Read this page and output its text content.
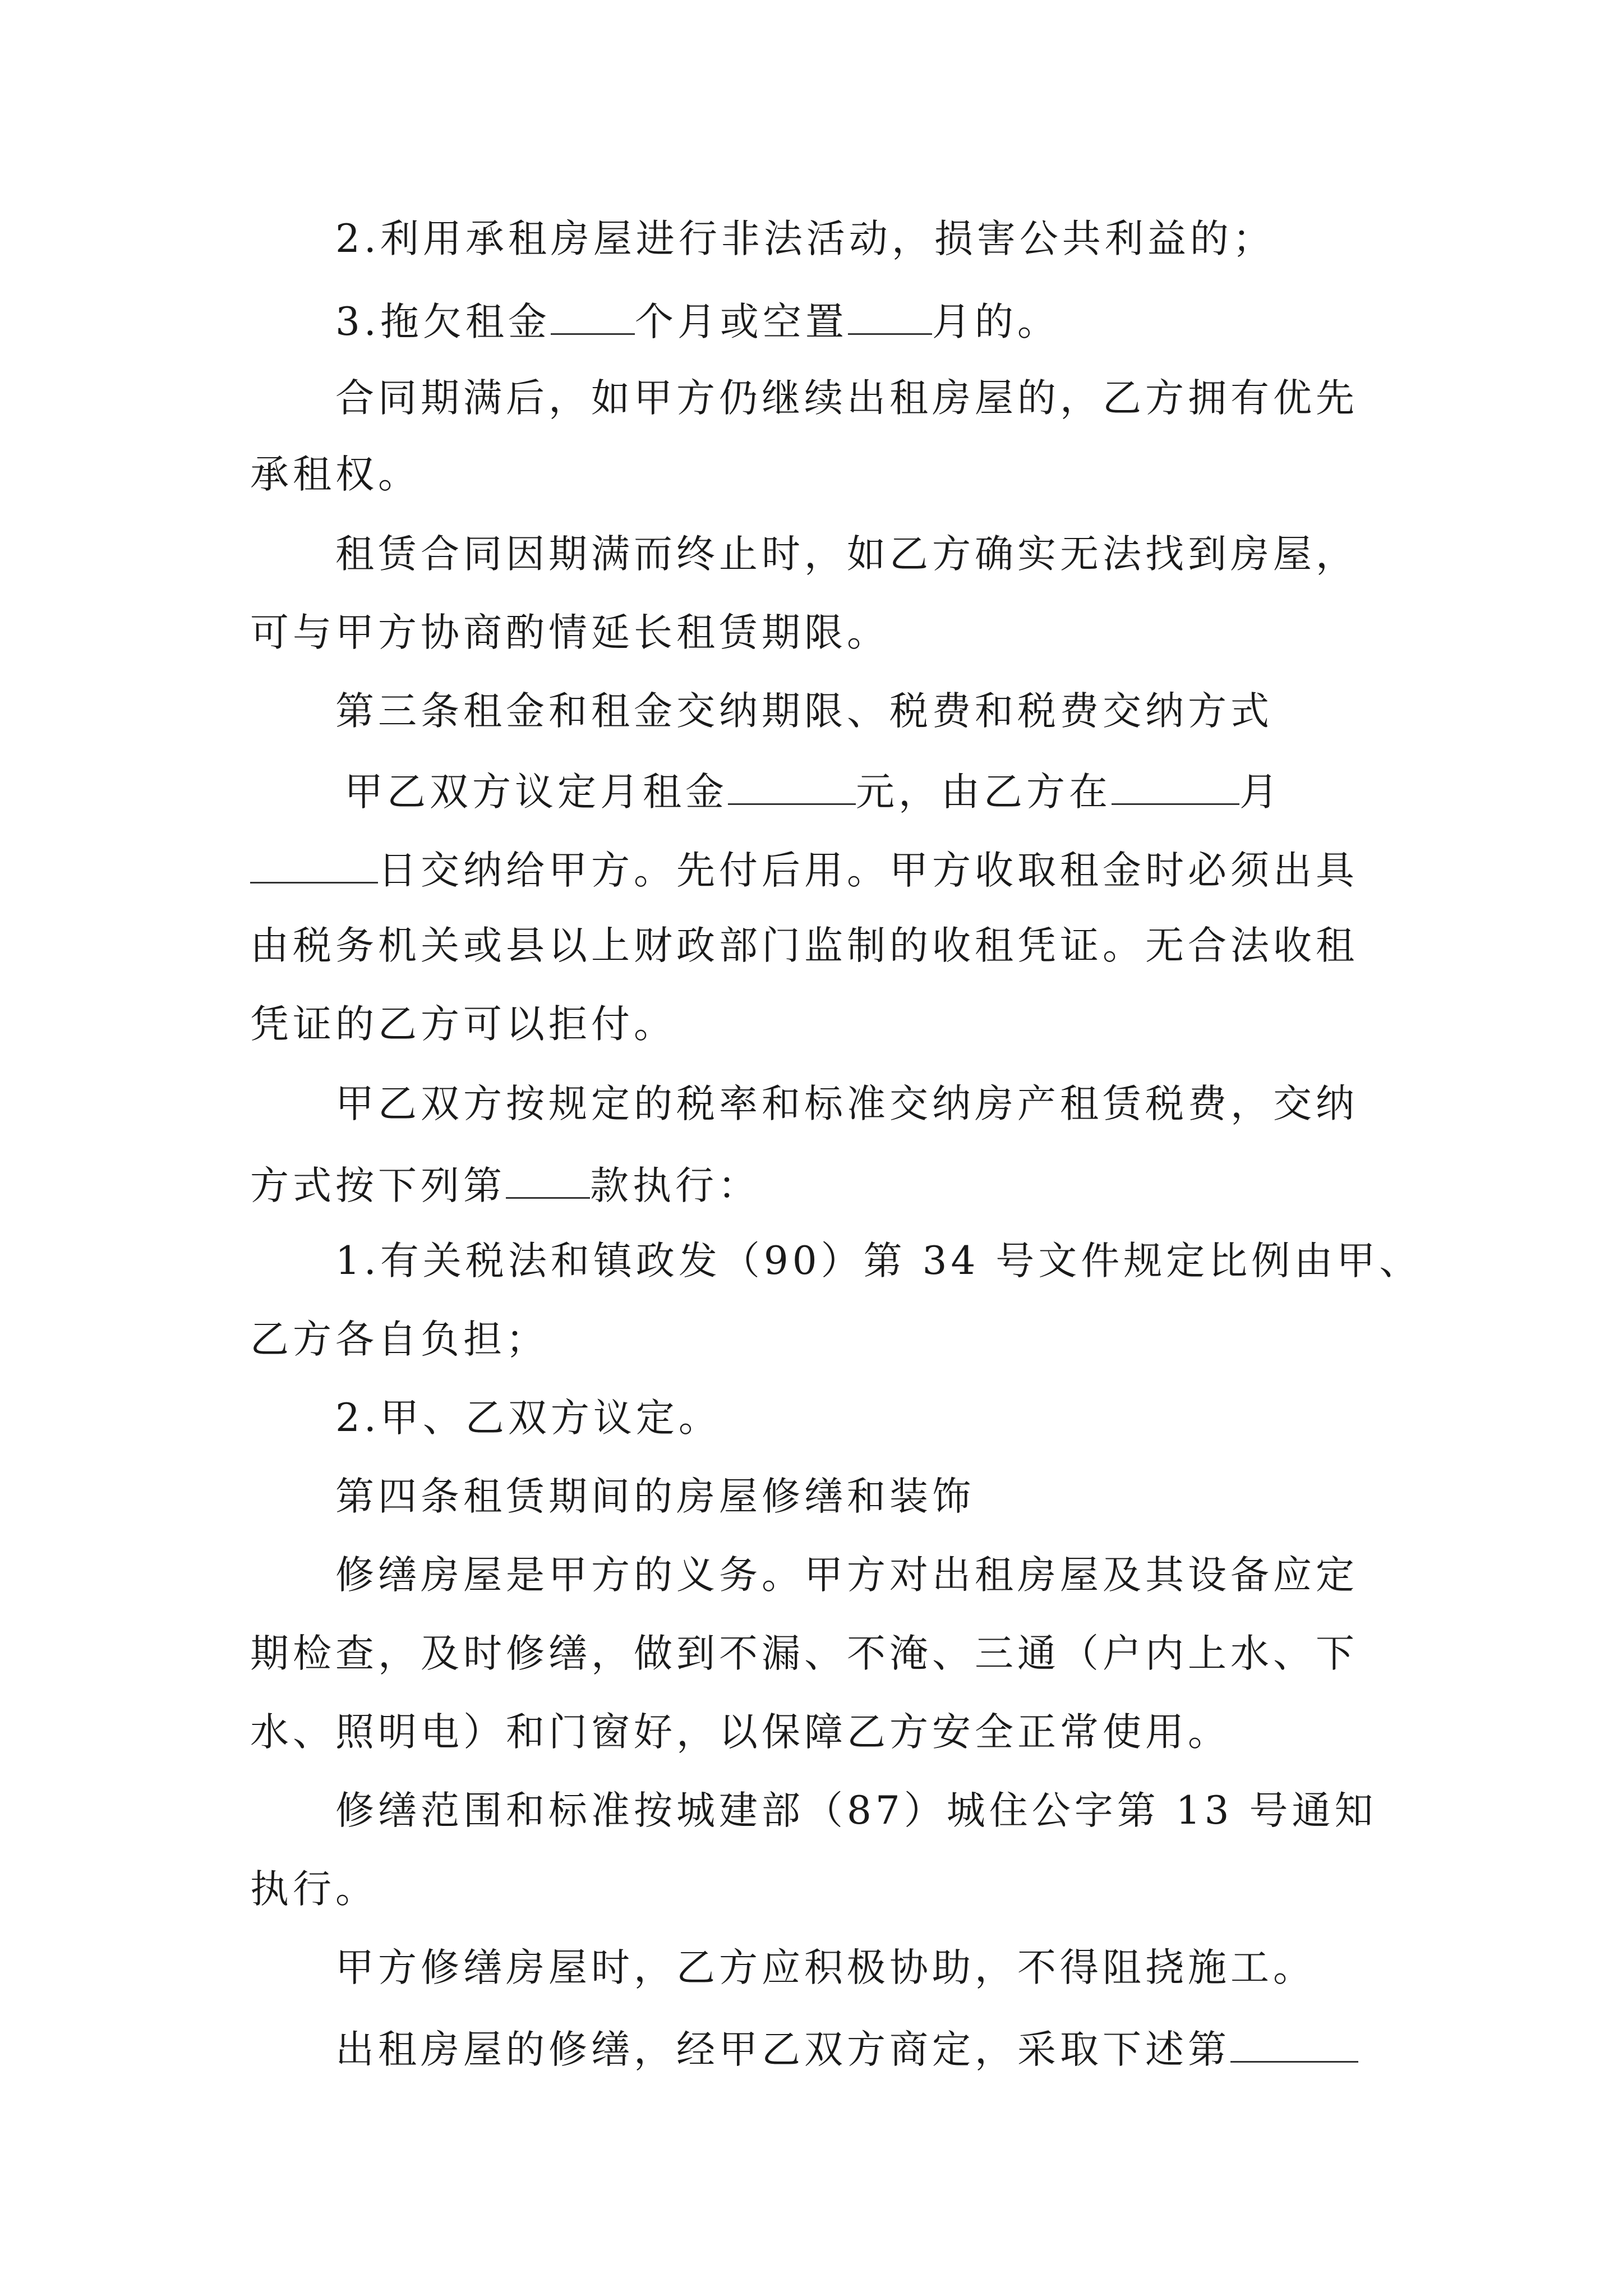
2.利用承租房屋进行非法活动，损害公共利益的；

3.拖欠租金 个月或空置 月的。

合同期满后，如甲方仍继续出租房屋的，乙方拥有优先

承租权。

租赁合同因期满而终止时，如乙方确实无法找到房屋，

可与甲方协商酌情延长租赁期限。

第三条租金和租金交纳期限、税费和税费交纳方式

甲乙双方议定月租金	元，由乙方在	月

日交纳给甲方。先付后用。甲方收取租金时必须出具

由税务机关或县以上财政部门监制的收租凭证。无合法收租

凭证的乙方可以拒付。

甲乙双方按规定的税率和标准交纳房产租赁税费，交纳

方式按下列第 款执行：

1.有关税法和镇政发（90）第 34 号文件规定比例由甲、

乙方各自负担；

2.甲、乙双方议定。

第四条租赁期间的房屋修缮和装饰

修缮房屋是甲方的义务。甲方对出租房屋及其设备应定

期检查，及时修缮，做到不漏、不淹、三通（户内上水、下

水、照明电）和门窗好，以保障乙方安全正常使用。

修缮范围和标准按城建部（87）城住公字第 13 号通知

执行。

甲方修缮房屋时，乙方应积极协助，不得阻挠施工。

出租房屋的修缮，经甲乙双方商定，采取下述第
